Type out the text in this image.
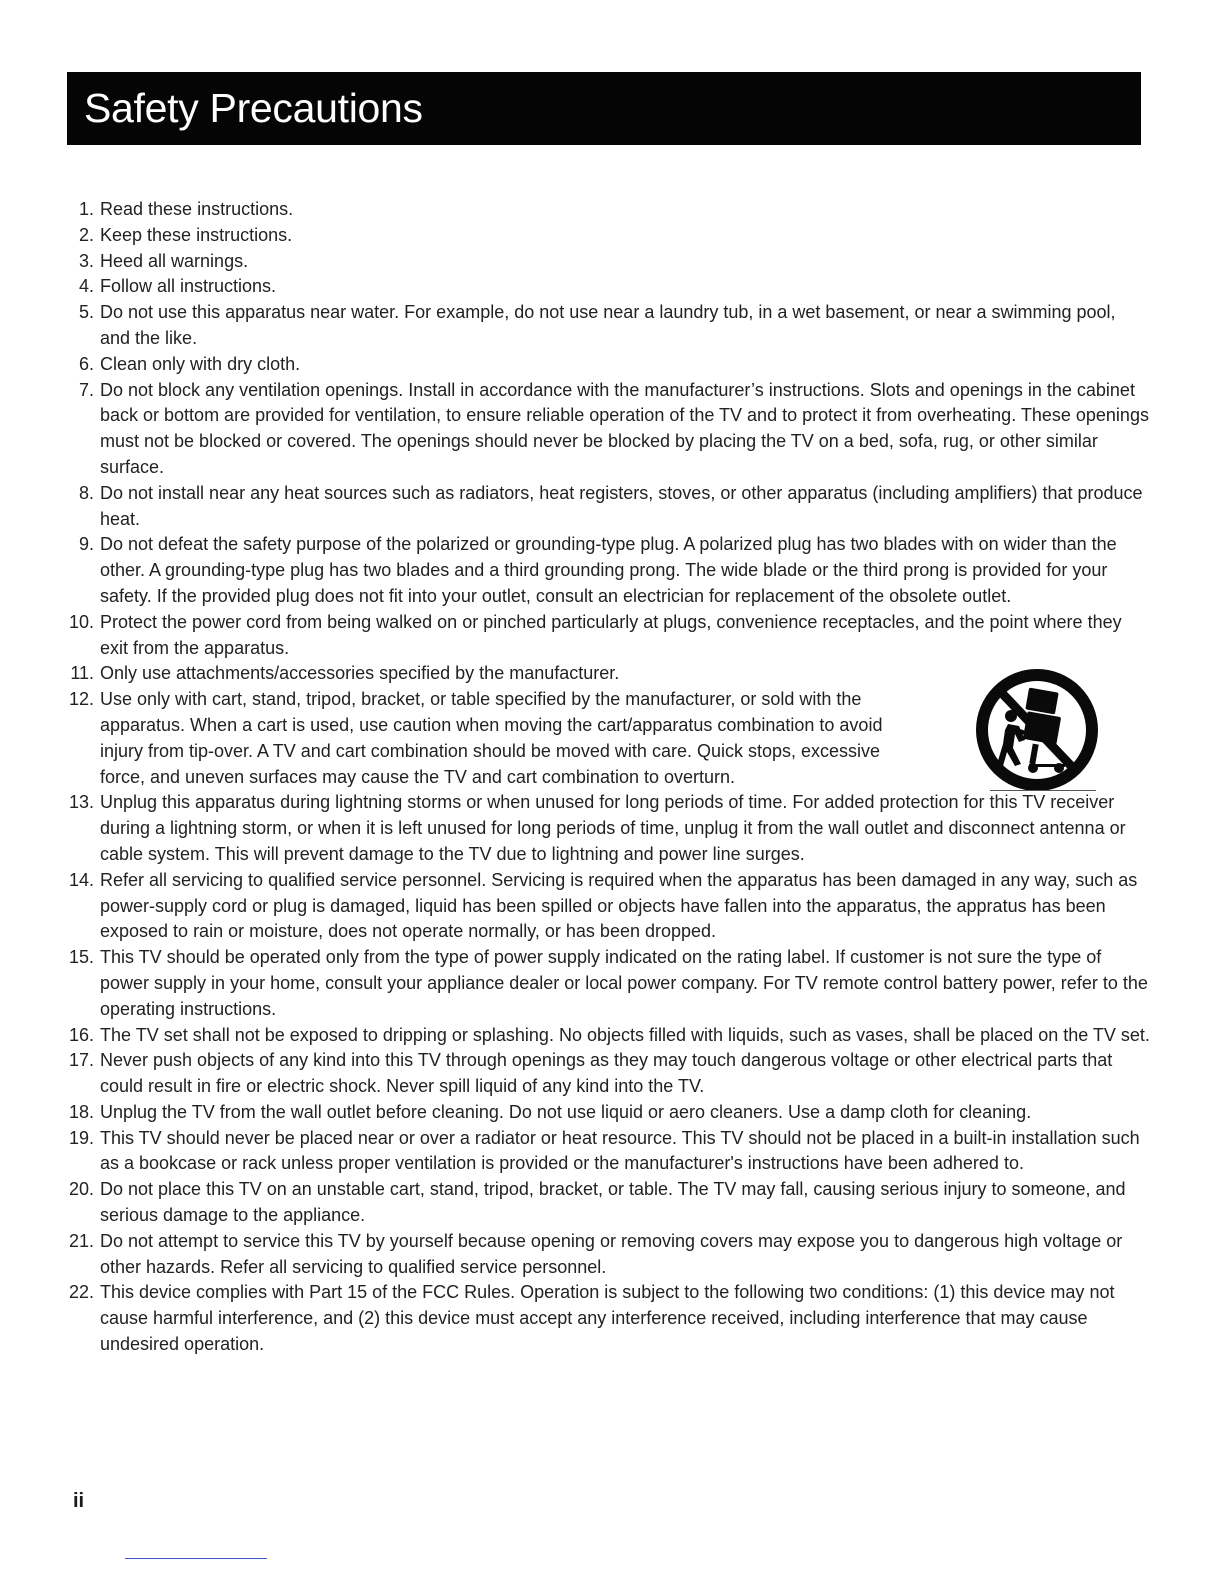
Safety Precautions
1. Read these instructions.
2. Keep these instructions.
3. Heed all warnings.
4. Follow all instructions.
5. Do not use this apparatus near water. For example, do not use near a laundry tub, in a wet basement, or near a swimming pool, and the like.
6. Clean only with dry cloth.
7. Do not block any ventilation openings. Install in accordance with the manufacturer’s instructions. Slots and openings in the cabinet back or bottom are provided for ventilation, to ensure reliable operation of the TV and to protect it from overheating. These openings must not be blocked or covered. The openings should never be blocked by placing the TV on a bed, sofa, rug, or other similar surface.
8. Do not install near any heat sources such as radiators, heat registers, stoves, or other apparatus (including amplifiers) that produce heat.
9. Do not defeat the safety purpose of the polarized or grounding-type plug. A polarized plug has two blades with on wider than the other. A grounding-type plug has two blades and a third grounding prong. The wide blade or the third prong is provided for your safety. If the provided plug does not fit into your outlet, consult an electrician for replacement of the obsolete outlet.
10. Protect the power cord from being walked on or pinched particularly at plugs, convenience receptacles, and the point where they exit from the apparatus.
11. Only use attachments/accessories specified by the manufacturer.
12. Use only with cart, stand, tripod, bracket, or table specified by the manufacturer, or sold with the apparatus. When a cart is used, use caution when moving the cart/apparatus combination to avoid injury from tip-over. A TV and cart combination should be moved with care. Quick stops, excessive force, and uneven surfaces may cause the TV and cart combination to overturn.
13. Unplug this apparatus during lightning storms or when unused for long periods of time. For added protection for this TV receiver during a lightning storm, or when it is left unused for long periods of time, unplug it from the wall outlet and disconnect antenna or cable system. This will prevent damage to the TV due to lightning and power line surges.
14. Refer all servicing to qualified service personnel. Servicing is required when the apparatus has been damaged in any way, such as power-supply cord or plug is damaged, liquid has been spilled or objects have fallen into the apparatus, the appratus has been exposed to rain or moisture, does not operate normally, or has been dropped.
15. This TV should be operated only from the type of power supply indicated on the rating label. If customer is not sure the type of power supply in your home, consult your appliance dealer or local power company. For TV remote control battery power, refer to the operating instructions.
16. The TV set shall not be exposed to dripping or splashing. No objects filled with liquids, such as vases, shall be placed on the TV set.
17. Never push objects of any kind into this TV through openings as they may touch dangerous voltage or other electrical parts that could result in fire or electric shock. Never spill liquid of any kind into the TV.
18. Unplug the TV from the wall outlet before cleaning. Do not use liquid or aero cleaners. Use a damp cloth for cleaning.
19. This TV should never be placed near or over a radiator or heat resource. This TV should not be placed in a built-in installation such as a bookcase or rack unless proper ventilation is provided or the manufacturer's instructions have been adhered to.
20. Do not place this TV on an unstable cart, stand, tripod, bracket, or table. The TV may fall, causing serious injury to someone, and serious damage to the appliance.
21. Do not attempt to service this TV by yourself because opening or removing covers may expose you to dangerous high voltage or other hazards. Refer all servicing to qualified service personnel.
22. This device complies with Part 15 of the FCC Rules. Operation is subject to the following two conditions: (1) this device may not cause harmful interference, and (2) this device must accept any interference received, including interference that may cause undesired operation.
ii
